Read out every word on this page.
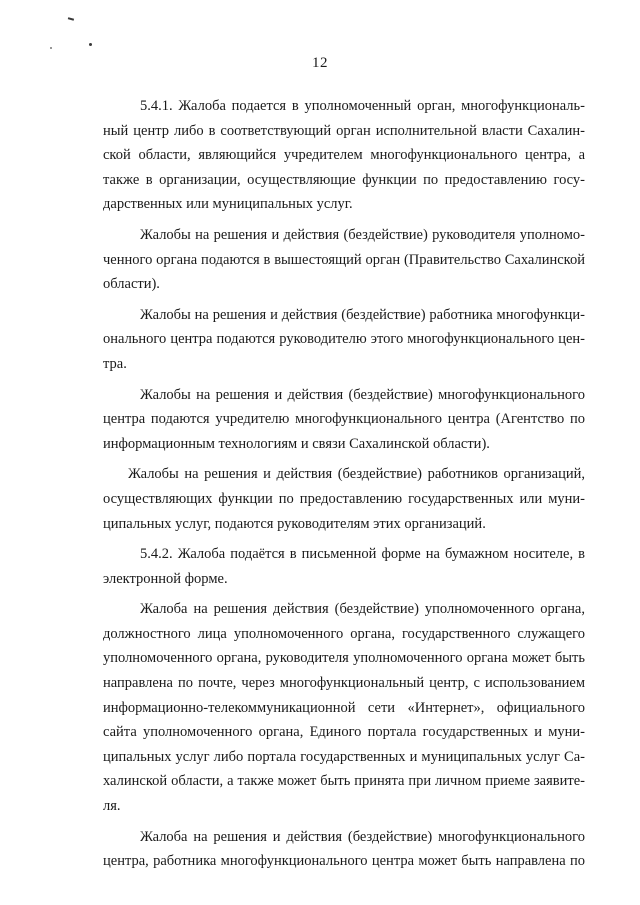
12
5.4.1. Жалоба подается в уполномоченный орган, многофункциональ-
ный центр либо в соответствующий орган исполнительной власти Сахалин-
ской области, являющийся учредителем многофункционального центра, а
также в организации, осуществляющие функции по предоставлению госу-
дарственных или муниципальных услуг.
Жалобы на решения и действия (бездействие) руководителя уполномо-
ченного органа подаются в вышестоящий орган (Правительство Сахалинской
области).
Жалобы на решения и действия (бездействие) работника многофункци-
онального центра подаются руководителю этого многофункционального цен-
тра.
Жалобы на решения и действия (бездействие) многофункционального
центра подаются учредителю многофункционального центра (Агентство по
информационным технологиям и связи Сахалинской области).
Жалобы на решения и действия (бездействие) работников организаций,
осуществляющих функции по предоставлению государственных или муни-
ципальных услуг, подаются руководителям этих организаций.
5.4.2. Жалоба подаётся в письменной форме на бумажном носителе, в
электронной форме.
Жалоба на решения действия (бездействие) уполномоченного органа,
должностного лица уполномоченного органа, государственного служащего
уполномоченного органа, руководителя уполномоченного органа может быть
направлена по почте, через многофункциональный центр, с использованием
информационно-телекоммуникационной сети «Интернет», официального
сайта уполномоченного органа, Единого портала государственных и муни-
ципальных услуг либо портала государственных и муниципальных услуг Са-
халинской области, а также может быть принята при личном приеме заявите-
ля.
Жалоба на решения и действия (бездействие) многофункционального
центра, работника многофункционального центра может быть направлена по
